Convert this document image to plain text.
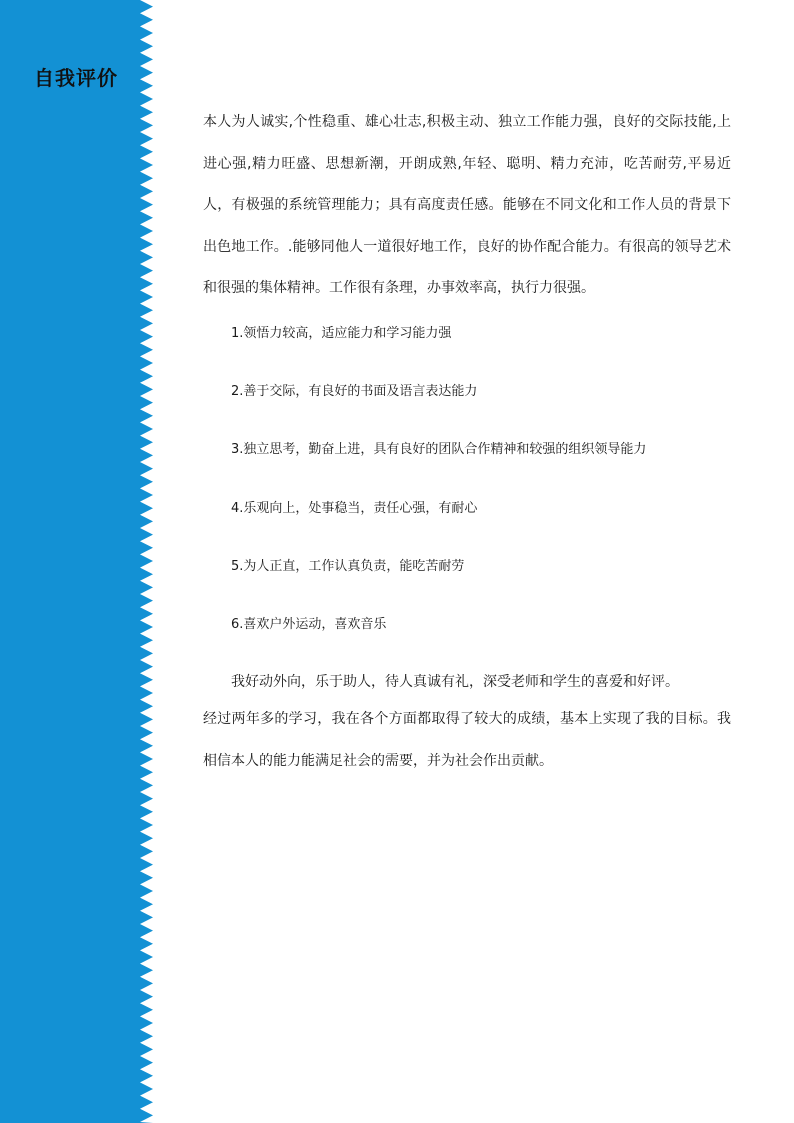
自我评价

本人为人诚实,个性稳重、雄心壮志,积极主动、独立工作能力强，良好的交际技能,上进心强,精力旺盛、思想新潮，开朗成熟,年轻、聪明、精力充沛，吃苦耐劳,平易近人，有极强的系统管理能力；具有高度责任感。能够在不同文化和工作人员的背景下出色地工作。.能够同他人一道很好地工作，良好的协作配合能力。有很高的领导艺术和很强的集体精神。工作很有条理，办事效率高，执行力很强。

1.领悟力较高，适应能力和学习能力强
2.善于交际，有良好的书面及语言表达能力
3.独立思考，勤奋上进，具有良好的团队合作精神和较强的组织领导能力
4.乐观向上，处事稳当，责任心强，有耐心
5.为人正直，工作认真负责，能吃苦耐劳
6.喜欢户外运动，喜欢音乐

我好动外向，乐于助人，待人真诚有礼，深受老师和学生的喜爱和好评。

经过两年多的学习，我在各个方面都取得了较大的成绩，基本上实现了我的目标。我相信本人的能力能满足社会的需要，并为社会作出贡献。
